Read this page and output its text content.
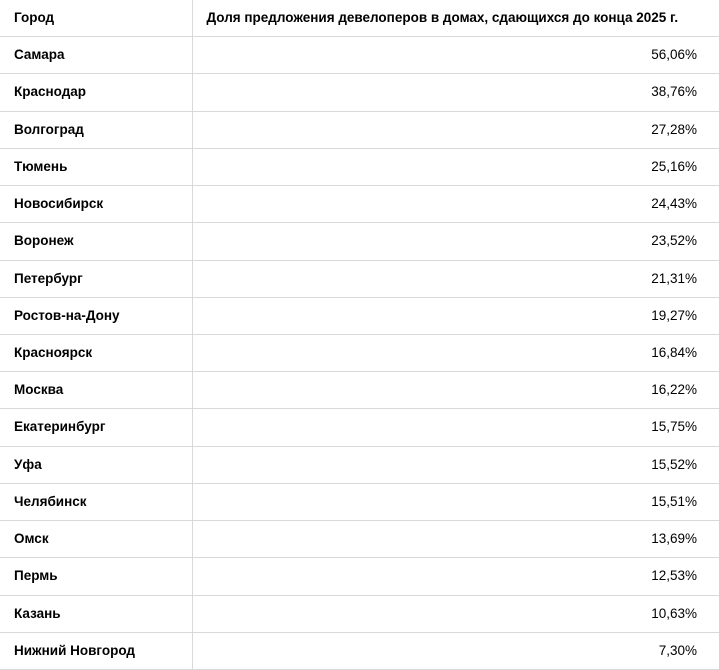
Город	Доля предложения девелоперов в домах, сдающихся до конца 2025 г.
Самара	56,06%
Краснодар	38,76%
Волгоград	27,28%
Тюмень	25,16%
Новосибирск	24,43%
Воронеж	23,52%
Петербург	21,31%
Ростов-на-Дону	19,27%
Красноярск	16,84%
Москва	16,22%
Екатеринбург	15,75%
Уфа	15,52%
Челябинск	15,51%
Омск	13,69%
Пермь	12,53%
Казань	10,63%
Нижний Новгород	7,30%
